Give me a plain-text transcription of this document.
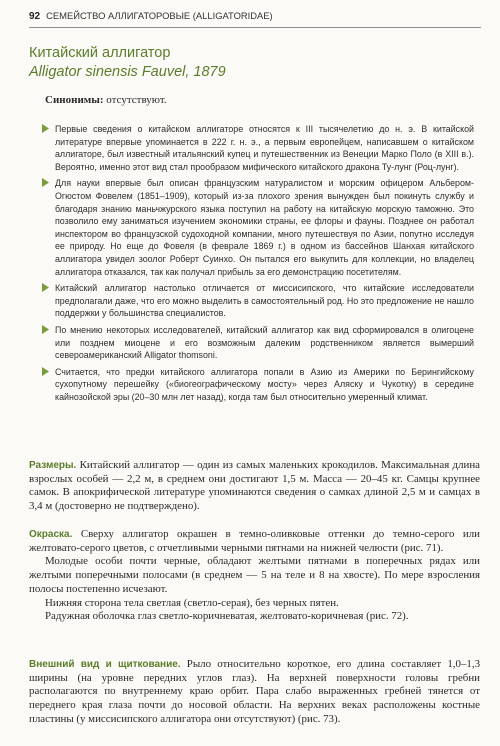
92 СЕМЕЙСТВО АЛЛИГАТОРОВЫЕ (ALLIGATORIDAE)
Китайский аллигатор
Alligator sinensis Fauvel, 1879
Синонимы: отсутствуют.
Первые сведения о китайском аллигаторе относятся к III тысячелетию до н. э. В китайской литературе впервые упоминается в 222 г. н. э., а первым европейцем, написавшем о китайском аллигаторе, был известный итальянский купец и путешественник из Венеции Марко Поло (в XIII в.). Вероятно, именно этот вид стал прообразом мифического китайского дракона Ту-лунг (Роц-лунг).
Для науки впервые был описан французским натуралистом и морским офицером Альбером-Огюстом Фовелем (1851–1909), который из-за плохого зрения вынужден был покинуть службу и благодаря знанию маньчжурского языка поступил на работу на китайскую морскую таможню. Это позволило ему заниматься изучением экономики страны, ее флоры и фауны. Позднее он работал инспектором во французской судоходной компании, много путешествуя по Азии, попутно исследуя ее природу. Но еще до Фовеля (в феврале 1869 г.) в одном из бассейнов Шанхая китайского аллигатора увидел зоолог Роберт Суинхо. Он пытался его выкупить для коллекции, но владелец аллигатора отказался, так как получал прибыль за его демонстрацию посетителям.
Китайский аллигатор настолько отличается от миссисипского, что китайские исследователи предполагали даже, что его можно выделить в самостоятельный род. Но это предложение не нашло поддержки у большинства специалистов.
По мнению некоторых исследователей, китайский аллигатор как вид сформировался в олигоцене или позднем миоцене и его возможным далеким родственником является вымерший североамериканский Alligator thomsoni.
Считается, что предки китайского аллигатора попали в Азию из Америки по Берингийскому сухопутному перешейку («биогеографическому мосту» через Аляску и Чукотку) в середине кайнозойской эры (20–30 млн лет назад), когда там был относительно умеренный климат.

Размеры. Китайский аллигатор — один из самых маленьких крокодилов. Максимальная длина взрослых особей — 2,2 м, в среднем они достигают 1,5 м. Масса — 20–45 кг. Самцы крупнее самок. В апокрифической литературе упоминаются сведения о самках длиной 2,5 м и самцах в 3,4 м (достоверно не подтверждено).

Окраска. Сверху аллигатор окрашен в темно-оливковые оттенки до темно-серого или желтовато-серого цветов, с отчетливыми черными пятнами на нижней челюсти (рис. 71).

Молодые особи почти черные, обладают желтыми пятнами в поперечных рядах или желтыми поперечными полосами (в среднем — 5 на теле и 8 на хвосте). По мере взросления полосы постепенно исчезают.

Нижняя сторона тела светлая (светло-серая), без черных пятен.

Радужная оболочка глаз светло-коричневатая, желтовато-коричневая (рис. 72).

Внешний вид и щиткование. Рыло относительно короткое, его длина составляет 1,0–1,3 ширины (на уровне передних углов глаз). На верхней поверхности головы гребни располагаются по внутреннему краю орбит. Пара слабо выраженных гребней тянется от переднего края глаза почти до носовой области. На верхних веках расположены костные пластины (у миссисипского аллигатора они отсутствуют) (рис. 73).
